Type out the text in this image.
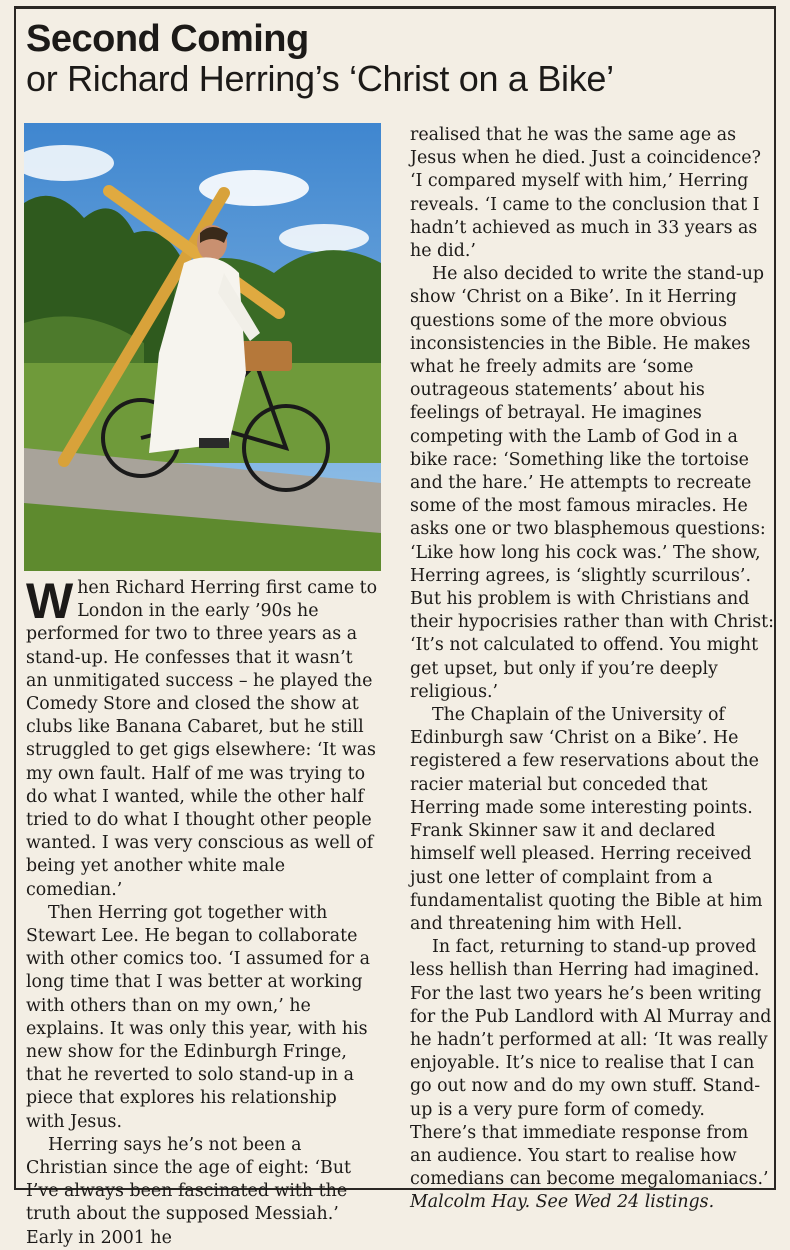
Second Coming
or Richard Herring’s ‘Christ on a Bike’

When Richard Herring first came to London in the early ’90s he performed for two to three years as a stand-up. He confesses that it wasn’t an unmitigated success – he played the Comedy Store and closed the show at clubs like Banana Cabaret, but he still struggled to get gigs elsewhere: ‘It was my own fault. Half of me was trying to do what I wanted, while the other half tried to do what I thought other people wanted. I was very conscious as well of being yet another white male comedian.’

Then Herring got together with Stewart Lee. He began to collaborate with other comics too. ‘I assumed for a long time that I was better at working with others than on my own,’ he explains. It was only this year, with his new show for the Edinburgh Fringe, that he reverted to solo stand-up in a piece that explores his relationship with Jesus.

Herring says he’s not been a Christian since the age of eight: ‘But I’ve always been fascinated with the truth about the supposed Messiah.’ Early in 2001 he

realised that he was the same age as Jesus when he died. Just a coincidence? ‘I compared myself with him,’ Herring reveals. ‘I came to the conclusion that I hadn’t achieved as much in 33 years as he did.’

He also decided to write the stand-up show ‘Christ on a Bike’. In it Herring questions some of the more obvious inconsistencies in the Bible. He makes what he freely admits are ‘some outrageous statements’ about his feelings of betrayal. He imagines competing with the Lamb of God in a bike race: ‘Something like the tortoise and the hare.’ He attempts to recreate some of the most famous miracles. He asks one or two blasphemous questions: ‘Like how long his cock was.’ The show, Herring agrees, is ‘slightly scurrilous’. But his problem is with Christians and their hypocrisies rather than with Christ: ‘It’s not calculated to offend. You might get upset, but only if you’re deeply religious.’

The Chaplain of the University of Edinburgh saw ‘Christ on a Bike’. He registered a few reservations about the racier material but conceded that Herring made some interesting points. Frank Skinner saw it and declared himself well pleased. Herring received just one letter of complaint from a fundamentalist quoting the Bible at him and threatening him with Hell.

In fact, returning to stand-up proved less hellish than Herring had imagined. For the last two years he’s been writing for the Pub Landlord with Al Murray and he hadn’t performed at all: ‘It was really enjoyable. It’s nice to realise that I can go out now and do my own stuff. Stand-up is a very pure form of comedy. There’s that immediate response from an audience. You start to realise how comedians can become megalomaniacs.’ Malcolm Hay. See Wed 24 listings.
